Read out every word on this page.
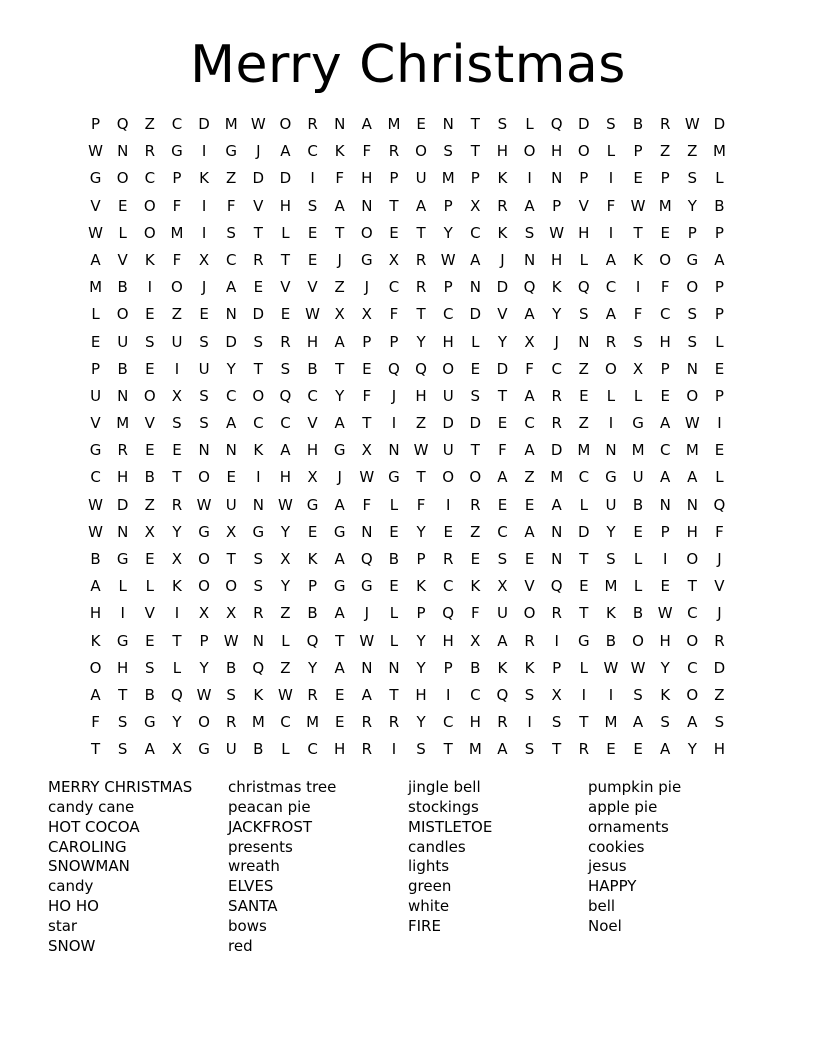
Merry Christmas
P	Q	Z	C	D M W O	R	N	A	M	E	N	T	S	L	Q	D	S	B	R W D
W N	R	G	I	G	J	A	C	K	F	R	O	S	T	H	O	H	O	L	P	Z	Z	M
G	O	C	P	K	Z	D	D	I	F	H	P	U	M	P	K	I	N	P	I	E	P	S	L
V	E	O	F	I	F	V	H	S	A	N	T	A	P	X	R	A	P	V	F	W M	Y	B
W	L	O M	I	S	T	L	E	T	O	E	T	Y	C	K	S W H	I	T	E	P	P
A	V	K	F	X	C	R	T	E	J	G	X	R W A	J	N	H	L	A	K	O	G	A
M	B	I	O	J	A	E	V	V	Z	J	C	R	P	N	D	Q	K	Q	C	I	F	O	P
L	O	E	Z	E	N	D	E W X	X	F	T	C	D	V	A	Y	S	A	F	C	S	P
E	U	S	U	S	D	S	R	H	A	P	P	Y	H	L	Y	X	J	N	R	S	H	S	L
P	B	E	I	U	Y	T	S	B	T	E	Q	Q	O	E	D	F	C	Z	O	X	P	N	E
U	N	O	X	S	C	O	Q	C	Y	F	J	H	U	S	T	A	R	E	L	L	E	O	P
V	M	V	S	S	A	C	C	V	A	T	I	Z	D	D	E	C	R	Z	I	G	A W	I
G	R	E	E	N	N	K	A	H	G	X	N W U	T	F	A	D M	N	M	C	M	E
C	H	B	T	O	E	I	H	X	J	W G	T	O	O	A	Z	M	C	G	U	A	A	L
W D	Z	R W U	N W G	A	F	L	F	I	R	E	E	A	L	U	B	N	N	Q
W N	X	Y	G	X	G	Y	E	G	N	E	Y	E	Z	C	A	N	D	Y	E	P	H	F
B	G	E	X	O	T	S	X	K	A	Q	B	P	R	E	S	E	N	T	S	L	I	O	J
A	L	L	K	O	O	S	Y	P	G	G	E	K	C	K	X	V	Q	E	M	L	E	T	V
H	I	V	I	X	X	R	Z	B	A	J	L	P	Q	F	U	O	R	T	K	B W C	J
K	G	E	T	P	W N	L	Q	T	W	L	Y	H	X	A	R	I	G	B	O	H	O	R
O	H	S	L	Y	B	Q	Z	Y	A	N	N	Y	P	B	K	K	P	L	W W	Y	C	D
A	T	B	Q W S	K W R	E	A	T	H	I	C	Q	S	X	I	I	S	K	O	Z
F	S	G	Y	O	R	M	C	M	E	R	R	Y	C	H	R	I	S	T	M	A	S	A	S
T	S	A	X	G	U	B	L	C	H	R	I	S	T	M	A	S	T	R	E	E	A	Y	H
MERRY CHRISTMAS
candy cane
HOT COCOA
CAROLING
SNOWMAN
candy
HO HO
star
SNOW
christmas tree
peacan pie
JACKFROST
presents
wreath
ELVES
SANTA
bows
red
jingle bell
stockings
MISTLETOE
candles
lights
green
white
FIRE
pumpkin pie
apple pie
ornaments
cookies
jesus
HAPPY
bell
Noel
